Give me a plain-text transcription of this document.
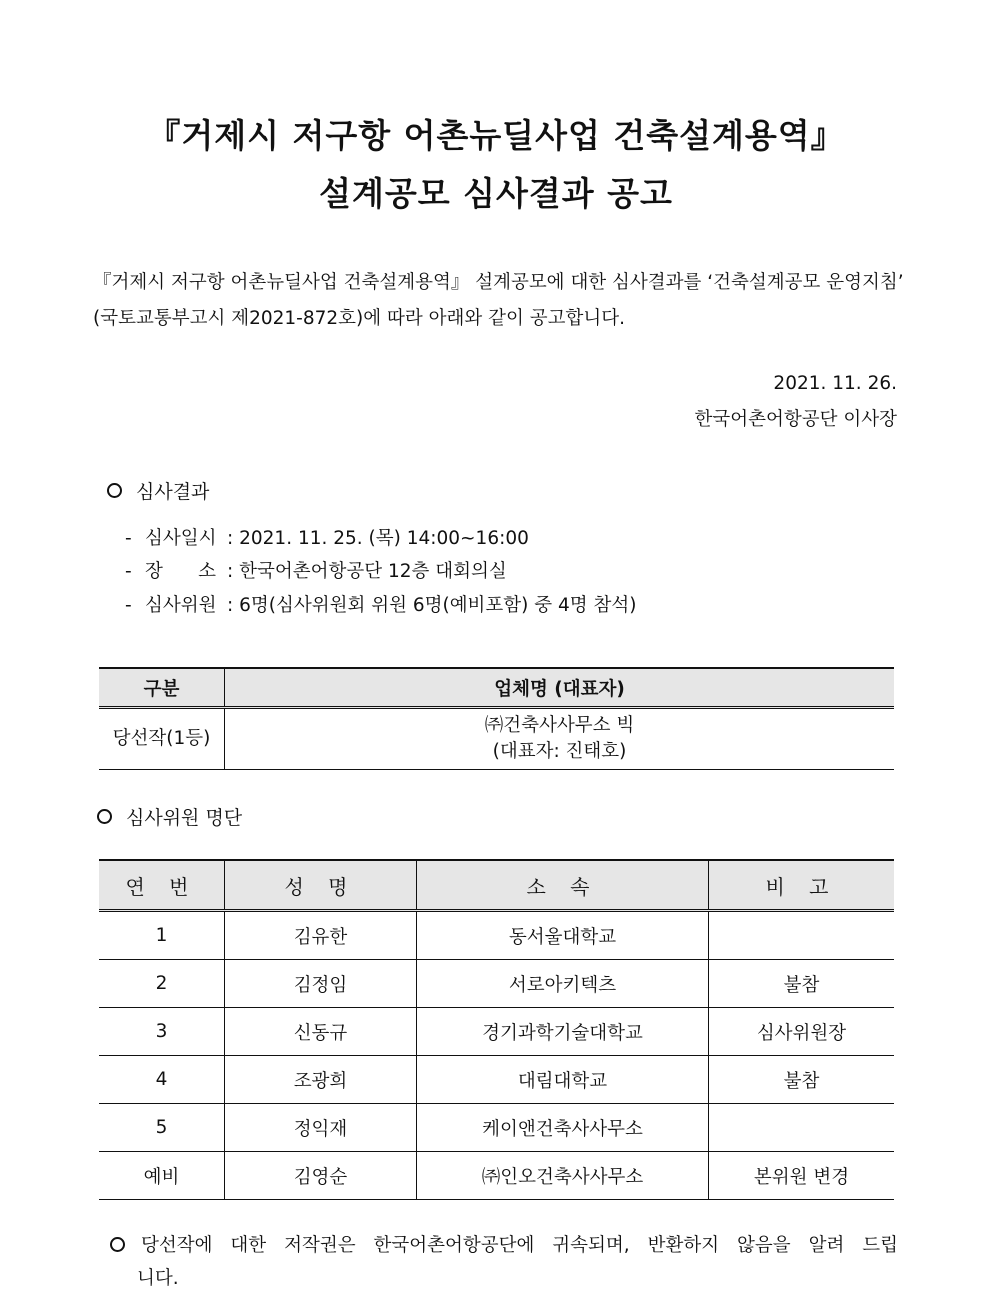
『거제시 저구항 어촌뉴딜사업 건축설계용역』
설계공모 심사결과 공고
『거제시 저구항 어촌뉴딜사업 건축설계용역』 설계공모에 대한 심사결과를 ‘건축설계공모 운영지침’
(국토교통부고시 제2021-872호)에 따라 아래와 같이 공고합니다.
2021. 11. 26.
한국어촌어항공단 이사장
심사결과
- 심사일시 : 2021. 11. 25. (목) 14:00~16:00
- 장      소 : 한국어촌어항공단 12층 대회의실
- 심사위원 : 6명(심사위원회 위원 6명(예비포함) 중 4명 참석)
구분	업체명 (대표자)
당선작(1등)	㈜건축사사무소 빅
(대표자: 진태호)
심사위원 명단
연 번	성 명	소 속	비 고
1	김유한	동서울대학교	
2	김정임	서로아키텍츠	불참
3	신동규	경기과학기술대학교	심사위원장
4	조광희	대림대학교	불참
5	정익재	케이앤건축사사무소	
예비	김영순	㈜인오건축사사무소	본위원 변경
당선작에 대한 저작권은 한국어촌어항공단에 귀속되며, 반환하지 않음을 알려 드립
니다.
